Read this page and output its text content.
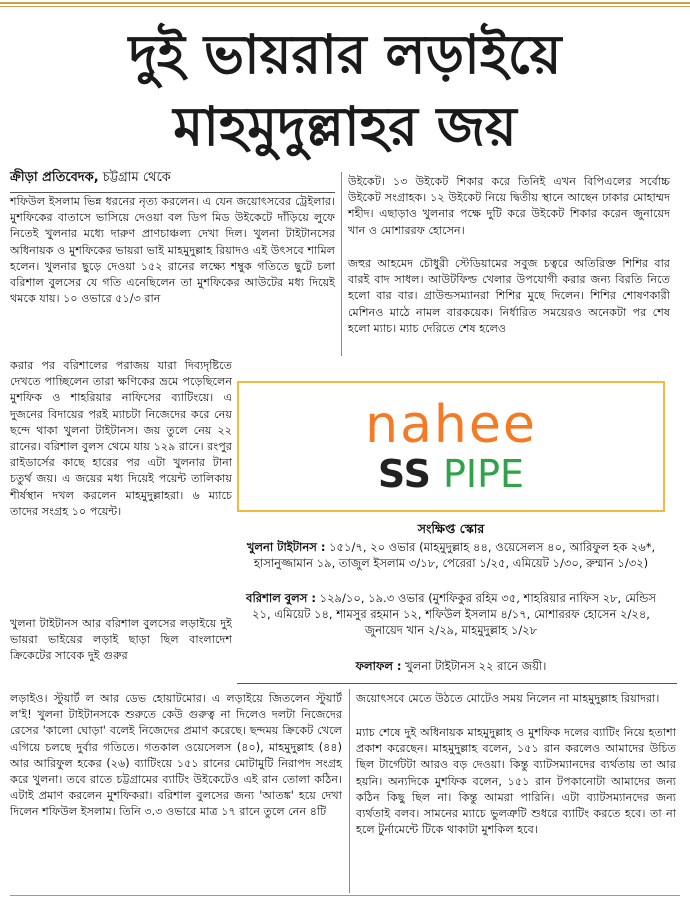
দুই ভায়রার লড়াইয়ে
মাহমুদুল্লাহর জয়
ক্রীড়া প্রতিবেদক, চট্টগ্রাম থেকে

শফিউল ইসলাম ভিন্ন ধরনের নৃত্য করলেন। এ যেন জয়োৎসবের ট্রেইলার। মুশফিকের বাতাসে ভাসিয়ে দেওয়া বল ডিপ মিড উইকেটে দাঁড়িয়ে লুফে নিতেই খুলনার মধ্যে দারুণ প্রাণচাঞ্চল্য দেখা দিল। খুলনা টাইটানসের অধিনায়ক ও মুশফিকের ভায়রা ভাই মাহমুদুল্লাহ রিয়াদও এই উৎসবে শামিল হলেন। খুলনার ছুড়ে দেওয়া ১৫২ রানের লক্ষ্যে শম্বুক গতিতে ছুটে চলা বরিশাল বুলসের যে গতি এনেছিলেন তা মুশফিকের আউটের মধ্য দিয়েই থমকে যায়। ১০ ওভারে ৫১/৩ রান

করার পর বরিশালের পরাজয় যারা দিব্যদৃষ্টিতে দেখতে পাচ্ছিলেন তারা ক্ষণিকের ভ্রমে পড়েছিলেন মুশফিক ও শাহরিয়ার নাফিসের ব্যাটিংয়ে। এ দুজনের বিদায়ের পরই ম্যাচটা নিজেদের করে নেয় ছন্দে থাকা খুলনা টাইটানস। জয় তুলে নেয় ২২ রানের। বরিশাল বুলস থেমে যায় ১২৯ রানে। রংপুর রাইডার্সের কাছে হারের পর এটা খুলনার টানা চতুর্থ জয়। এ জয়ের মধ্য দিয়েই পয়েন্ট তালিকায় শীর্ষস্থান দখল করলেন মাহমুদুল্লাহরা। ৬ ম্যাচে তাদের সংগ্রহ ১০ পয়েন্ট।

খুলনা টাইটানস আর বরিশাল বুলসের লড়াইয়ে দুই ভায়রা ভাইয়ের লড়াই ছাড়া ছিল বাংলাদেশ ক্রিকেটের সাবেক দুই গুরুর

উইকেট। ১৩ উইকেট শিকার করে তিনিই এখন বিপিএলের সর্বোচ্চ উইকেট সংগ্রাহক। ১২ উইকেট নিয়ে দ্বিতীয় স্থানে আছেন ঢাকার মোহাম্মদ শহীদ। এছাড়াও খুলনার পক্ষে দুটি করে উইকেট শিকার করেন জুনায়েদ খান ও মোশাররফ হোসেন।

জহুর আহমেদ চৌধুরী স্টেডিয়ামের সবুজ চত্বরে অতিরিক্ত শিশির বার বারই বাদ সাধল। আউটফিল্ড খেলার উপযোগী করার জন্য বিরতি নিতে হলো বার বার। গ্রাউন্ডসম্যানরা শিশির মুছে দিলেন। শিশির শোষণকারী মেশিনও মাঠে নামল বারকয়েক। নির্ধারিত সময়েরও অনেকটা পর শেষ হলো ম্যাচ। ম্যাচ দেরিতে শেষ হলেও

nahee
SS PIPE
সংক্ষিপ্ত স্কোর

খুলনা টাইটানস : ১৫১/৭, ২০ ওভার (মাহমুদুল্লাহ ৪৪, ওয়েসেলস ৪০, আরিফুল হক ২৬*, হাসানুজ্জামান ১৯, তাজুল ইসলাম ৩/১৮, পেরেরা ১/২৫, এমিয়েট ১/৩০, রুম্মান ১/৩২)

বরিশাল বুলস : ১২৯/১০, ১৯.৩ ওভার (মুশফিকুর রহিম ৩৫, শাহরিয়ার নাফিস ২৮, মেন্ডিস ২১, এমিয়েট ১৪, শামসুর রহমান ১২, শফিউল ইসলাম ৪/১৭, মোশাররফ হোসেন ২/২৪, জুনায়েদ খান ২/২৯, মাহমুদুল্লাহ ১/২৮

ফলাফল : খুলনা টাইটানস ২২ রানে জয়ী।

লড়াইও। স্টুয়ার্ট ল আর ডেভ হোয়াটমোর। এ লড়াইয়ে জিতলেন স্টুয়ার্ট ল'ই! খুলনা টাইটানসকে শুরুতে কেউ গুরুত্ব না দিলেও দলটা নিজেদের রেসের 'কালো ঘোড়া' বলেই নিজেদের প্রমাণ করেছে। ছন্দময় ক্রিকেট খেলে এগিয়ে চলছে দুর্বার গতিতে। গতকাল ওয়েসেলস (৪০), মাহমুদুল্লাহ (৪৪) আর আরিফুল হকের (২৬) ব্যাটিংয়ে ১৫১ রানের মোটামুটি নিরাপদ সংগ্রহ করে খুলনা। তবে রাতে চট্টগ্রামের ব্যাটিং উইকেটেও এই রান তোলা কঠিন। এটাই প্রমাণ করলেন মুশফিকরা। বরিশাল বুলসের জন্য 'আতঙ্ক' হয়ে দেখা দিলেন শফিউল ইসলাম। তিনি ৩.৩ ওভারে মাত্র ১৭ রানে তুলে নেন ৪টি

জয়োৎসবে মেতে উঠতে মোটেও সময় নিলেন না মাহমুদুল্লাহ রিয়াদরা।

ম্যাচ শেষে দুই অধিনায়ক মাহমুদুল্লাহ ও মুশফিক দলের ব্যাটিং নিয়ে হতাশা প্রকাশ করেছেন। মাহমুদুল্লাহ বলেন, ১৫১ রান করলেও আমাদের উচিত ছিল টার্গেটটা আরও বড় দেওয়া। কিন্তু ব্যাটসম্যানদের ব্যর্থতায় তা আর হয়নি। অন্যদিকে মুশফিক বলেন, ১৫১ রান টপকানোটা আমাদের জন্য কঠিন কিছু ছিল না। কিন্তু আমরা পারিনি। এটা ব্যাটসম্যানদের জন্য ব্যর্থতাই বলব। সামনের ম্যাচে ভুলত্রুটি শুধরে ব্যাটিং করতে হবে। তা না হলে টুর্নামেন্টে টিকে থাকাটা মুশকিল হবে।
